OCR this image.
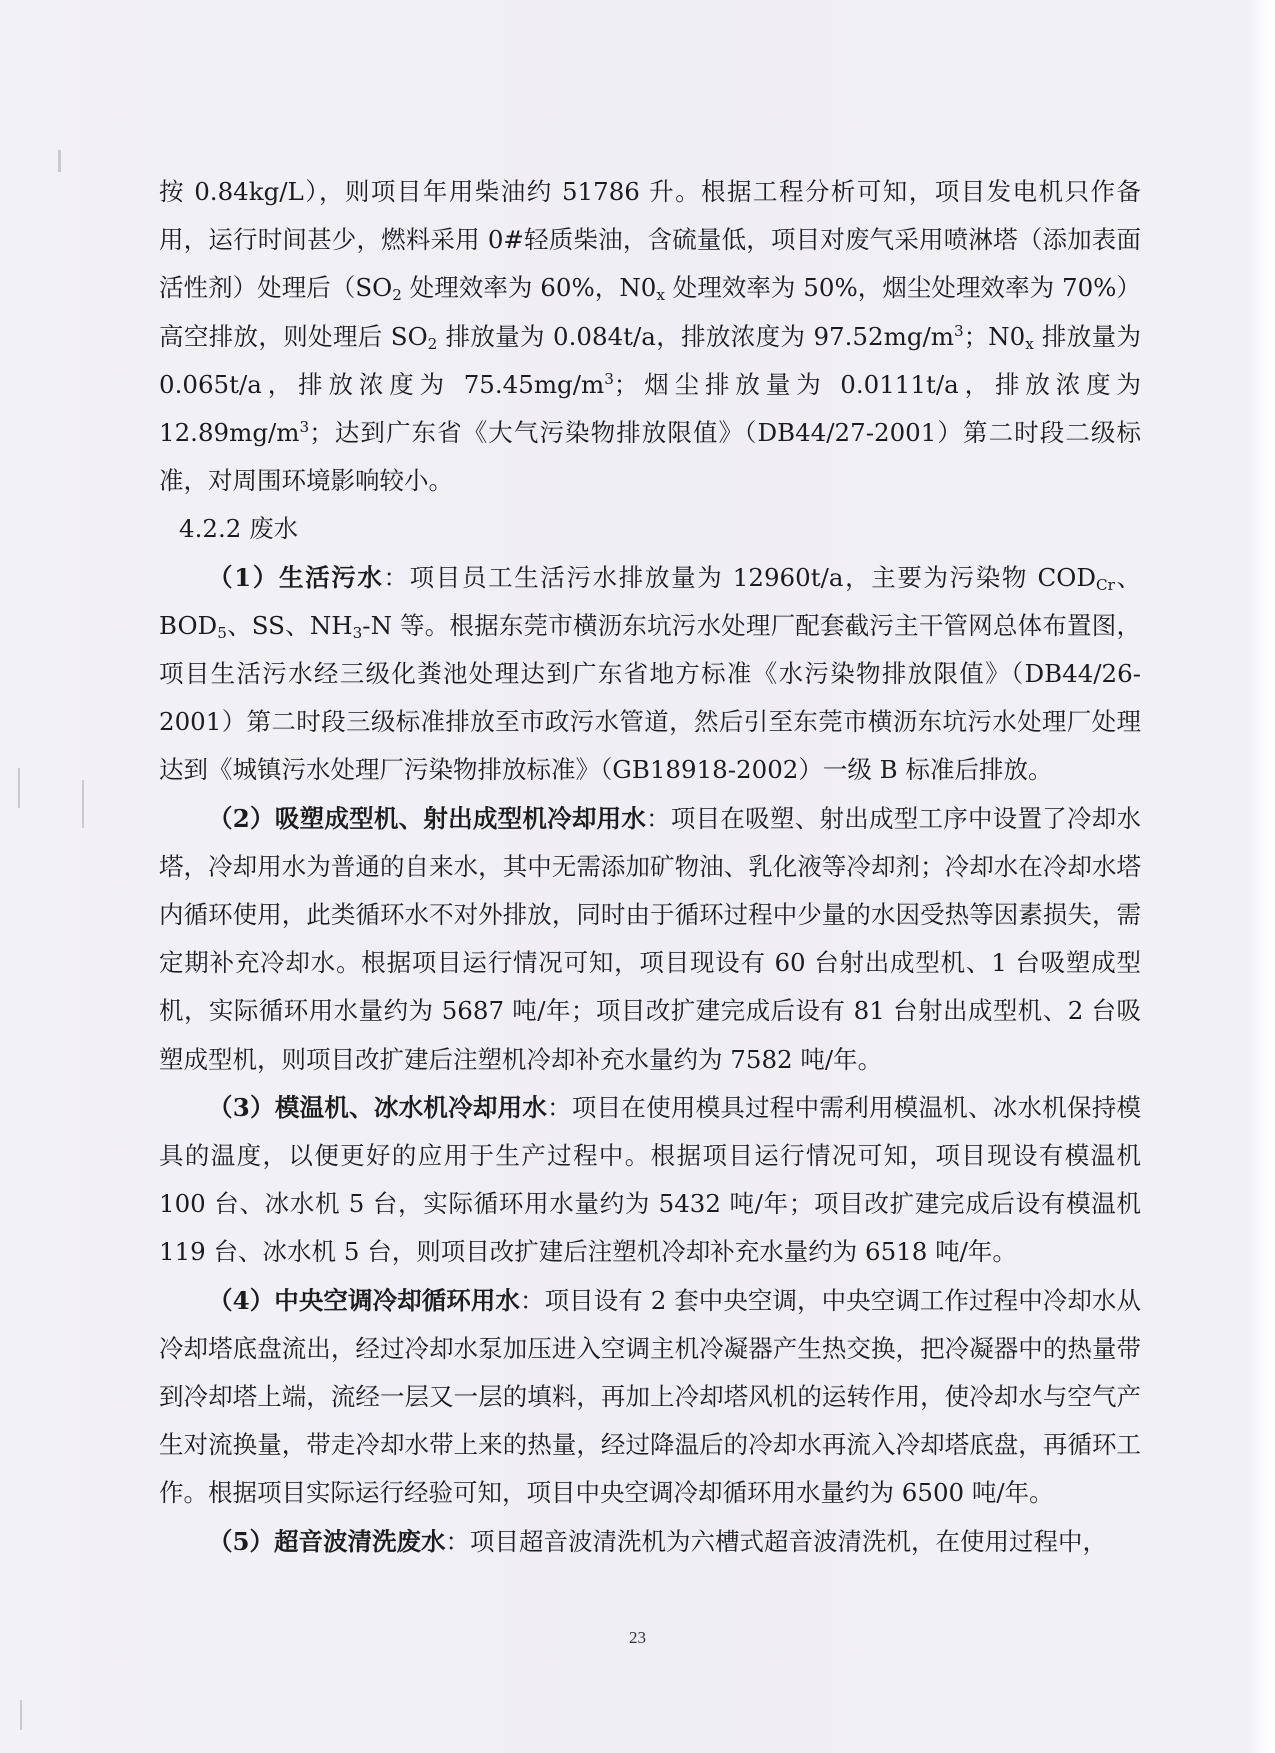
按 0.84kg/L），则项目年用柴油约 51786 升。根据工程分析可知，项目发电机只作备用，运行时间甚少，燃料采用 0#轻质柴油，含硫量低，项目对废气采用喷淋塔（添加表面活性剂）处理后（$SO_2$ 处理效率为 60%，$N0_x$ 处理效率为 50%，烟尘处理效率为 70%）高空排放，则处理后 $SO_2$ 排放量为 0.084t/a，排放浓度为 $97.52mg/m^3$；$N0_x$ 排放量为 0.065t/a，排放浓度为 $75.45mg/m^3$；烟尘排放量为 0.0111t/a，排放浓度为 $12.89mg/m^3$；达到广东省《大气污染物排放限值》（DB44/27-2001）第二时段二级标准，对周围环境影响较小。

4.2.2 废水

（1）生活污水：项目员工生活污水排放量为 12960t/a，主要为污染物 $COD_{Cr}$、$BOD_5$、SS、$NH_3-N$ 等。根据东莞市横沥东坑污水处理厂配套截污主干管网总体布置图，项目生活污水经三级化粪池处理达到广东省地方标准《水污染物排放限值》（DB44/26-2001）第二时段三级标准排放至市政污水管道，然后引至东莞市横沥东坑污水处理厂处理达到《城镇污水处理厂污染物排放标准》（GB18918-2002）一级 B 标准后排放。

（2）吸塑成型机、射出成型机冷却用水：项目在吸塑、射出成型工序中设置了冷却水塔，冷却用水为普通的自来水，其中无需添加矿物油、乳化液等冷却剂；冷却水在冷却水塔内循环使用，此类循环水不对外排放，同时由于循环过程中少量的水因受热等因素损失，需定期补充冷却水。根据项目运行情况可知，项目现设有 60 台射出成型机、1 台吸塑成型机，实际循环用水量约为 5687 吨/年；项目改扩建完成后设有 81 台射出成型机、2 台吸塑成型机，则项目改扩建后注塑机冷却补充水量约为 7582 吨/年。

（3）模温机、冰水机冷却用水：项目在使用模具过程中需利用模温机、冰水机保持模具的温度，以便更好的应用于生产过程中。根据项目运行情况可知，项目现设有模温机 100 台、冰水机 5 台，实际循环用水量约为 5432 吨/年；项目改扩建完成后设有模温机 119 台、冰水机 5 台，则项目改扩建后注塑机冷却补充水量约为 6518 吨/年。

（4）中央空调冷却循环用水：项目设有 2 套中央空调，中央空调工作过程中冷却水从冷却塔底盘流出，经过冷却水泵加压进入空调主机冷凝器产生热交换，把冷凝器中的热量带到冷却塔上端，流经一层又一层的填料，再加上冷却塔风机的运转作用，使冷却水与空气产生对流换量，带走冷却水带上来的热量，经过降温后的冷却水再流入冷却塔底盘，再循环工作。根据项目实际运行经验可知，项目中央空调冷却循环用水量约为 6500 吨/年。

（5）超音波清洗废水：项目超音波清洗机为六槽式超音波清洗机，在使用过程中，

23
